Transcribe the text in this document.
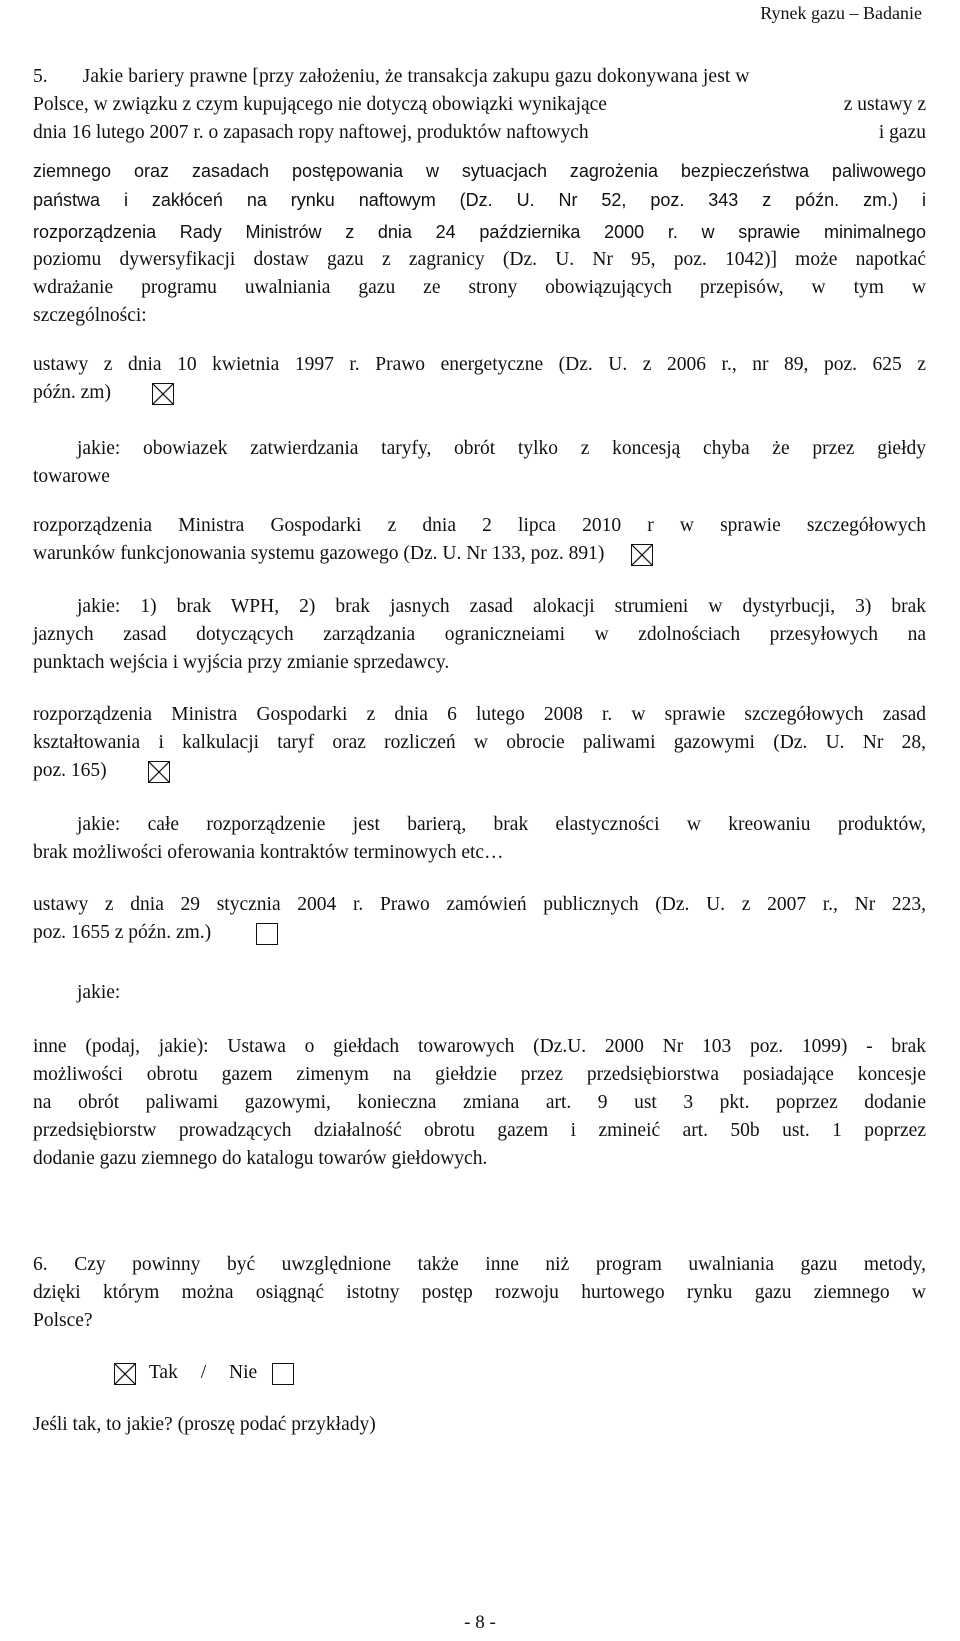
Rynek gazu – Badanie
5. Jakie bariery prawne [przy założeniu, że transakcja zakupu gazu dokonywana jest w
Polsce, w związku z czym kupującego nie dotyczą obowiązki wynikające	z ustawy z
dnia 16 lutego 2007 r. o zapasach ropy naftowej, produktów naftowych	i gazu
ziemnego oraz zasadach postępowania w sytuacjach zagrożenia bezpieczeństwa paliwowego
państwa i zakłóceń na rynku naftowym (Dz. U. Nr 52, poz. 343 z późn. zm.) i
rozporządzenia Rady Ministrów z dnia 24 października 2000 r. w sprawie minimalnego
poziomu dywersyfikacji dostaw gazu z zagranicy (Dz. U. Nr 95, poz. 1042)] może napotkać
wdrażanie programu uwalniania gazu ze strony obowiązujących przepisów, w tym w
szczególności:
ustawy z dnia 10 kwietnia 1997 r. Prawo energetyczne (Dz. U. z 2006 r., nr 89, poz. 625 z
późn. zm)
jakie: obowiazek zatwierdzania taryfy, obrót tylko z koncesją chyba że przez giełdy
towarowe
rozporządzenia Ministra Gospodarki z dnia 2 lipca 2010 r w sprawie szczegółowych
warunków funkcjonowania systemu gazowego (Dz. U. Nr 133, poz. 891)
jakie: 1) brak WPH, 2) brak jasnych zasad alokacji strumieni w dystyrbucji, 3) brak
jaznych zasad dotyczących zarządzania ograniczneiami w zdolnościach przesyłowych na
punktach wejścia i wyjścia przy zmianie sprzedawcy.
rozporządzenia Ministra Gospodarki z dnia 6 lutego 2008 r. w sprawie szczegółowych zasad
kształtowania i kalkulacji taryf oraz rozliczeń w obrocie paliwami gazowymi (Dz. U. Nr 28,
poz. 165)
jakie: całe rozporządzenie jest barierą, brak elastyczności w kreowaniu produktów,
brak możliwości oferowania kontraktów terminowych etc…
ustawy z dnia 29 stycznia 2004 r. Prawo zamówień publicznych (Dz. U. z 2007 r., Nr 223,
poz. 1655 z późn. zm.)
jakie:
inne (podaj, jakie): Ustawa o giełdach towarowych (Dz.U. 2000 Nr 103 poz. 1099) - brak
możliwości obrotu gazem zimenym na giełdzie przez przedsiębiorstwa posiadające koncesje
na obrót paliwami gazowymi, konieczna zmiana art. 9 ust 3 pkt. poprzez dodanie
przedsiębiorstw prowadzących działalność obrotu gazem i zmineić art. 50b ust. 1 poprzez
dodanie gazu ziemnego do katalogu towarów giełdowych.
6. Czy powinny być uwzględnione także inne niż program uwalniania gazu metody,
dzięki którym można osiągnąć istotny postęp rozwoju hurtowego rynku gazu ziemnego w
Polsce?
Tak / Nie
Jeśli tak, to jakie? (proszę podać przykłady)
- 8 -
